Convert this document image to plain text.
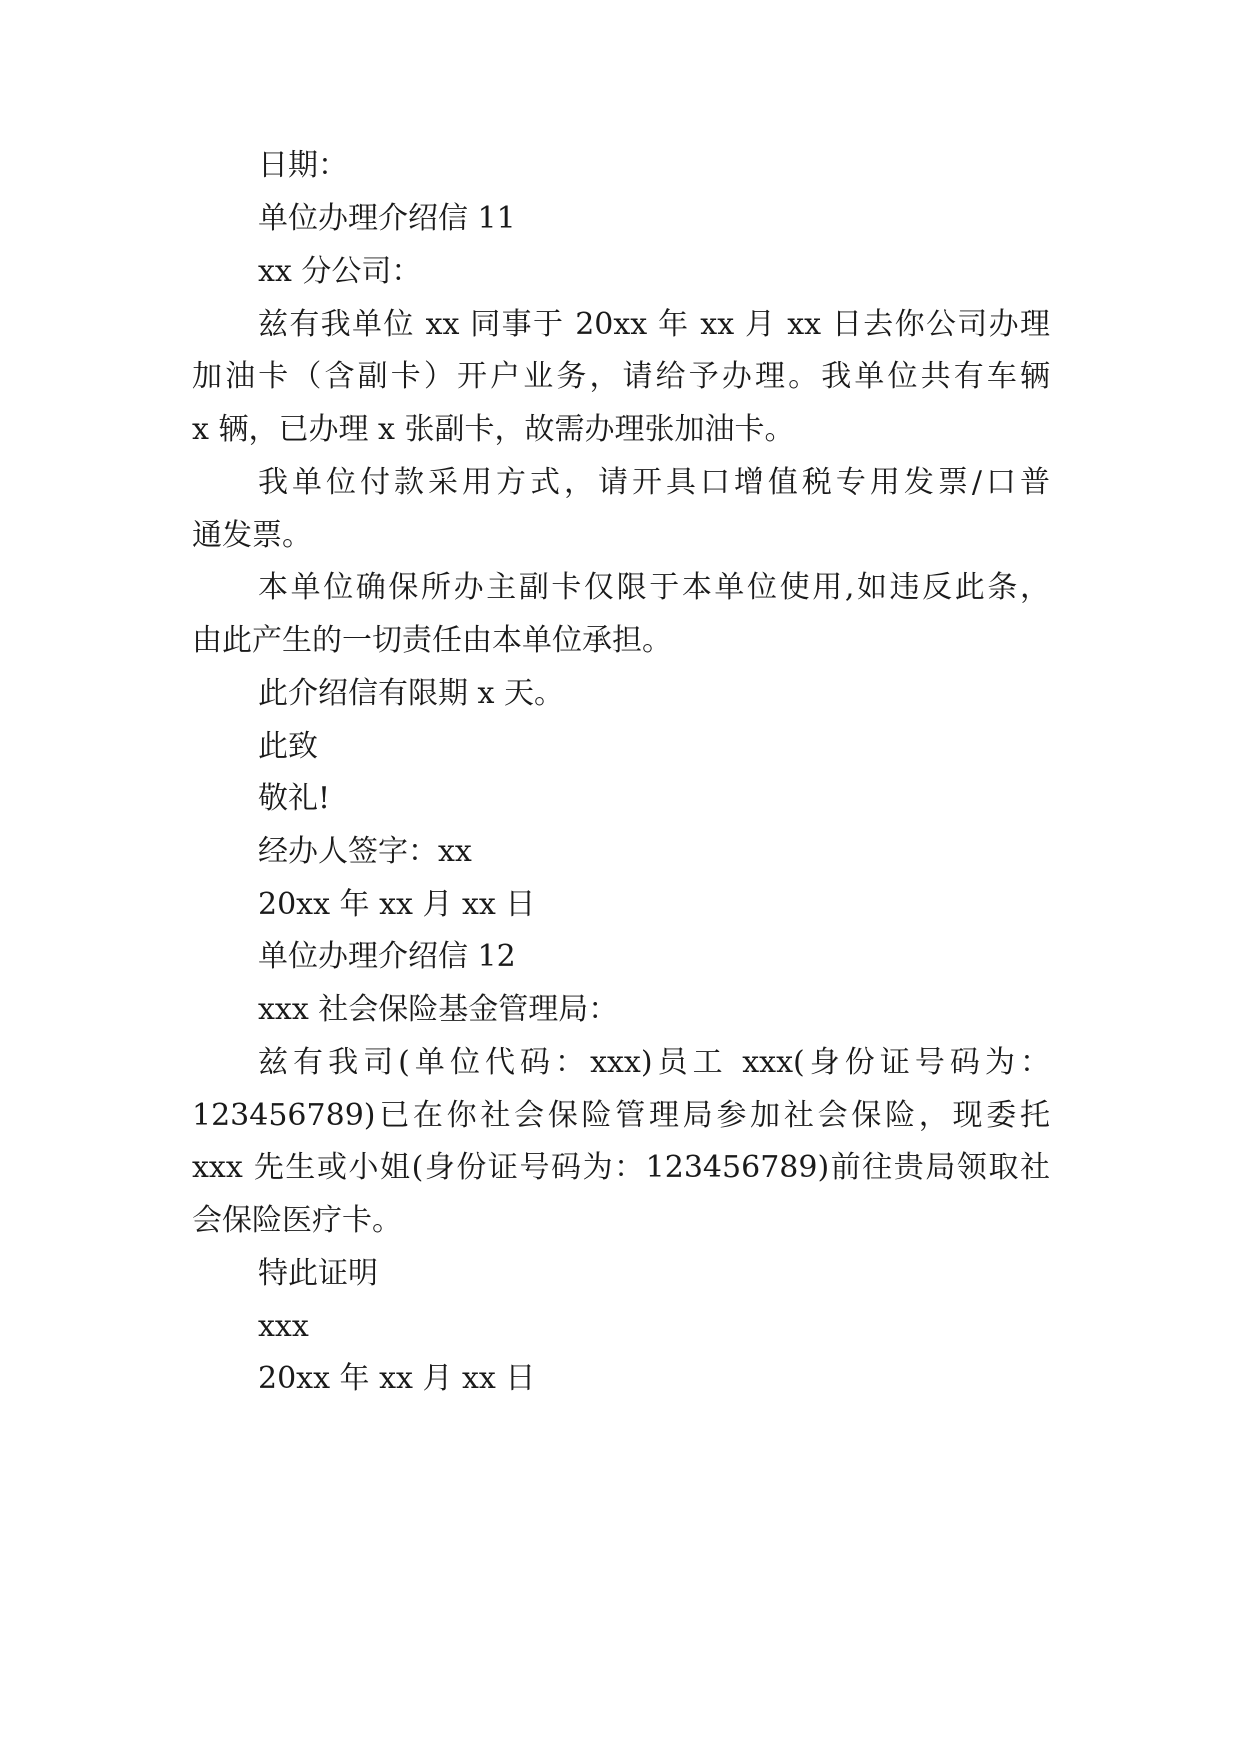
日期：
单位办理介绍信 11
xx 分公司：
兹有我单位 xx 同事于 20xx 年 xx 月 xx 日去你公司办理
加油卡（含副卡）开户业务，请给予办理。我单位共有车辆
x 辆，已办理 x 张副卡，故需办理张加油卡。
我单位付款采用方式，请开具口增值税专用发票/口普
通发票。
本单位确保所办主副卡仅限于本单位使用,如违反此条，
由此产生的一切责任由本单位承担。
此介绍信有限期 x 天。
此致
敬礼!
经办人签字：xx
20xx 年 xx 月 xx 日
单位办理介绍信 12
xxx 社会保险基金管理局：
兹有我司(单位代码：xxx)员工 xxx(身份证号码为：
123456789)已在你社会保险管理局参加社会保险，现委托
xxx 先生或小姐(身份证号码为：123456789)前往贵局领取社
会保险医疗卡。
特此证明
xxx
20xx 年 xx 月 xx 日
